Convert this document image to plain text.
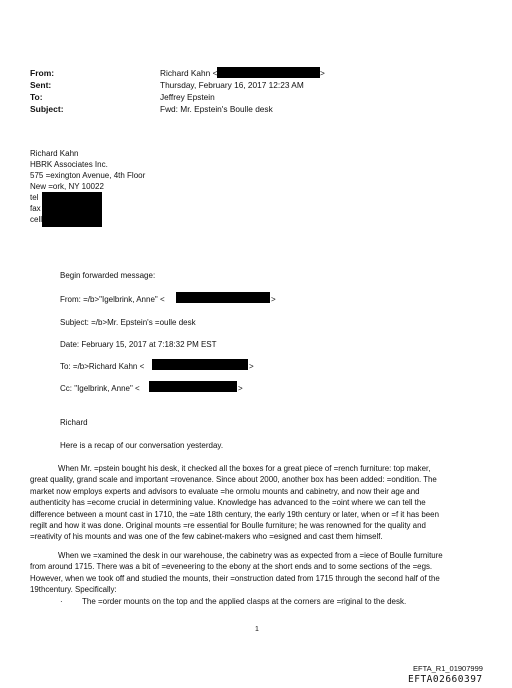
From:	Richard Kahn <	>
Sent:	Thursday, February 16, 2017 12:23 AM
To:	Jeffrey Epstein
Subject:	Fwd: Mr. Epstein's Boulle desk
Richard Kahn
HBRK Associates Inc.
575 =exington Avenue, 4th Floor
New =ork, NY 10022
tel
fax
cell
Begin forwarded message:
From: =/b>"Igelbrink, Anne" <	>
Subject: =/b>Mr. Epstein's =oulle desk
Date: February 15, 2017 at 7:18:32 PM EST
To: =/b>Richard Kahn <	>
Cc: "Igelbrink, Anne" <	>
Richard
Here is a recap of our conversation yesterday.
When Mr. =pstein bought his desk, it checked all the boxes for a great piece of =rench furniture: top maker,
great quality, grand scale and important =rovenance. Since about 2000, another box has been added: =ondition. The
market now employs experts and advisors to evaluate =he ormolu mounts and cabinetry, and now their age and
authenticity has =ecome crucial in determining value. Knowledge has advanced to the =oint where we can tell the
difference between a mount cast in 1710, the =ate 18th century, the early 19th century or later, when or =f it has been
regilt and how it was done. Original mounts =re essential for Boulle furniture; he was renowned for the quality and
=reativity of his mounts and was one of the few cabinet-makers who =esigned and cast them himself.
When we =xamined the desk in our warehouse, the cabinetry was as expected from a =iece of Boulle furniture
from around 1715. There was a bit of =eveneering to the ebony at the short ends and to some sections of the =egs.
However, when we took off and studied the mounts, their =onstruction dated from 1715 through the second half of the
19thcentury. Specifically:
· The =order mounts on the top and the applied clasps at the corners are =riginal to the desk.
1
EFTA_R1_01907999
EFTA02660397
